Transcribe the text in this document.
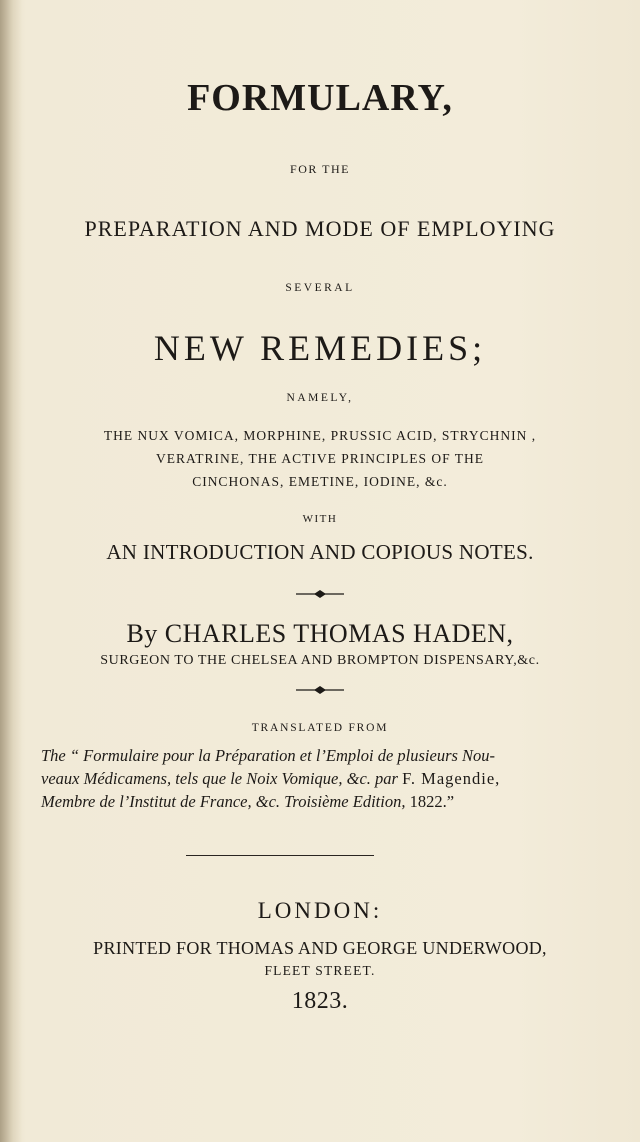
FORMULARY,

FOR THE

PREPARATION AND MODE OF EMPLOYING

SEVERAL

NEW REMEDIES;

NAMELY,

THE NUX VOMICA, MORPHINE, PRUSSIC ACID, STRYCHNIN ,

VERATRINE, THE ACTIVE PRINCIPLES OF THE

CINCHONAS, EMETINE, IODINE, &c.

WITH

AN INTRODUCTION AND COPIOUS NOTES.

By CHARLES THOMAS HADEN,

SURGEON TO THE CHELSEA AND BROMPTON DISPENSARY,&c.

TRANSLATED FROM

The “ Formulaire pour la Préparation et l’Emploi de plusieurs Nou-

veaux Médicamens, tels que le Noix Vomique, &c. par F. Magendie,

Membre de l’Institut de France, &c. Troisième Edition, 1822.”

LONDON:

PRINTED FOR THOMAS AND GEORGE UNDERWOOD,

FLEET STREET.

1823.
